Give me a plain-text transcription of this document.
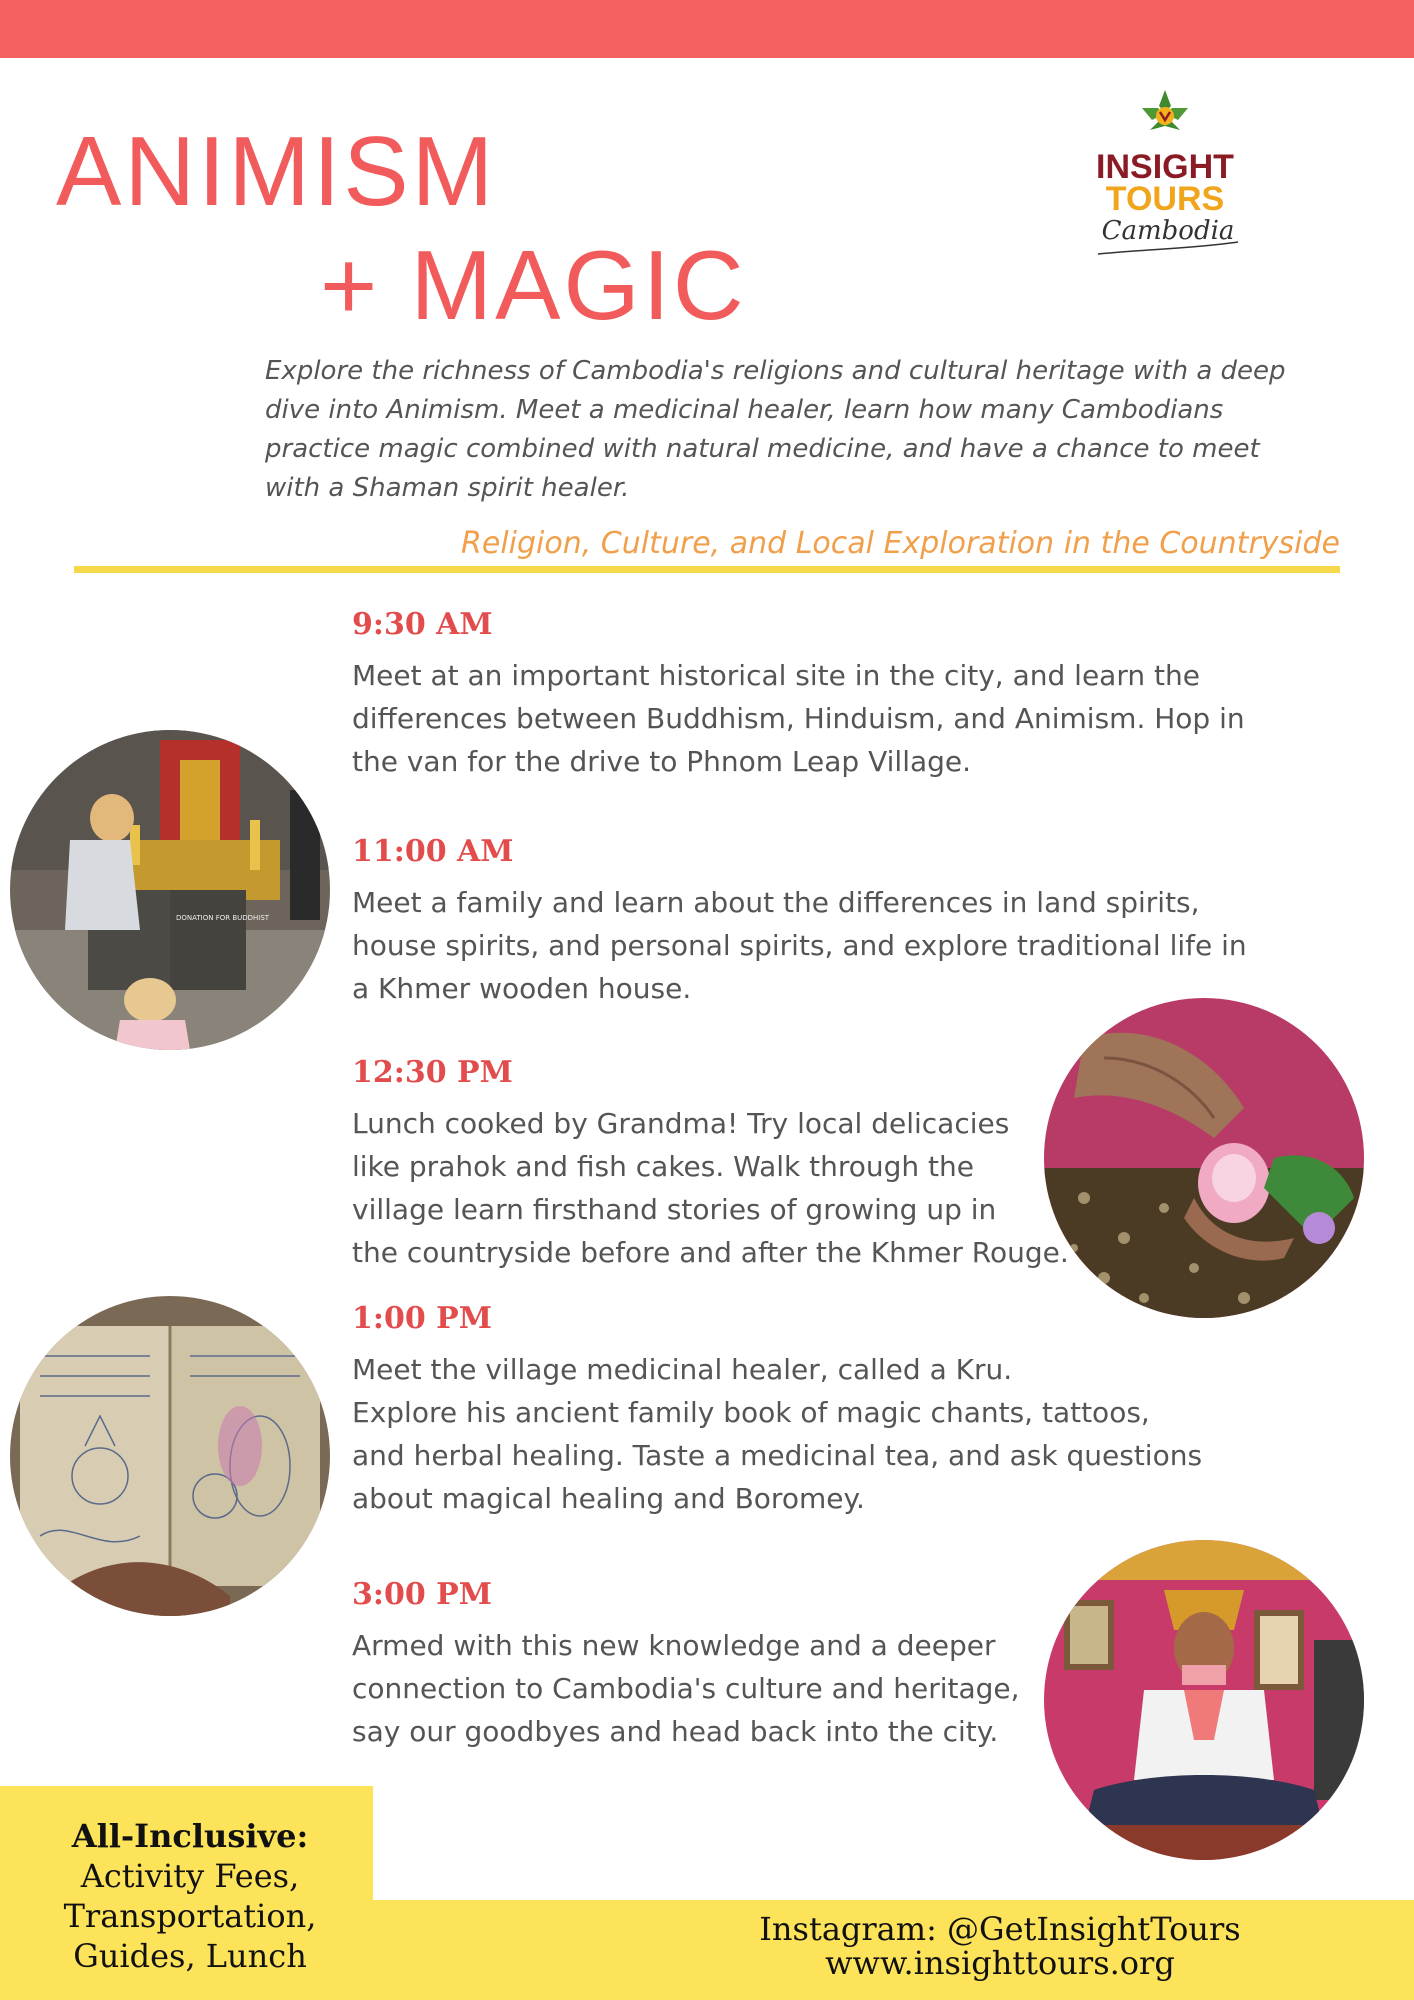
ANIMISM
+ MAGIC
INSIGHT
TOURS
Cambodia
Explore the richness of Cambodia's religions and cultural heritage with a deep dive into Animism. Meet a medicinal healer, learn how many Cambodians practice magic combined with natural medicine, and have a chance to meet with a Shaman spirit healer.
Religion, Culture, and Local Exploration in the Countryside
9:30 AM
Meet at an important historical site in the city, and learn the
differences between Buddhism, Hinduism, and Animism. Hop in
the van for the drive to Phnom Leap Village.
11:00 AM
Meet a family and learn about the differences in land spirits,
house spirits, and personal spirits, and explore traditional life in
a Khmer wooden house.
12:30 PM
Lunch cooked by Grandma! Try local delicacies
like prahok and fish cakes. Walk through the
village learn firsthand stories of growing up in
the countryside before and after the Khmer Rouge.
1:00 PM
Meet the village medicinal healer, called a Kru.
Explore his ancient family book of magic chants, tattoos,
and herbal healing. Taste a medicinal tea, and ask questions
about magical healing and Boromey.
3:00 PM
Armed with this new knowledge and a deeper
connection to Cambodia's culture and heritage,
say our goodbyes and head back into the city.
DONATION FOR BUDDHIST
All-Inclusive:
Activity Fees,
Transportation,
Guides, Lunch
Instagram: @GetInsightTours
www.insighttours.org
